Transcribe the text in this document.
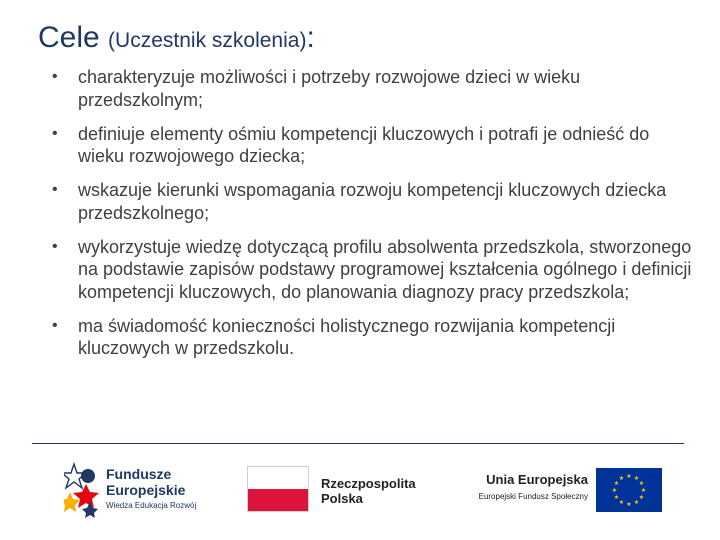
Cele (Uczestnik szkolenia):
• charakteryzuje możliwości i potrzeby rozwojowe dzieci w wieku przedszkolnym;
• definiuje elementy ośmiu kompetencji kluczowych i potrafi je odnieść do wieku rozwojowego dziecka;
• wskazuje kierunki wspomagania rozwoju kompetencji kluczowych dziecka przedszkolnego;
• wykorzystuje wiedzę dotyczącą profilu absolwenta przedszkola, stworzonego na podstawie zapisów podstawy programowej kształcenia ogólnego i definicji kompetencji kluczowych, do planowania diagnozy pracy przedszkola;
• ma świadomość konieczności holistycznego rozwijania kompetencji kluczowych w przedszkolu.
Fundusze
Europejskie
Wiedza Edukacja Rozwój
Rzeczpospolita
Polska
Unia Europejska
Europejski Fundusz Społeczny
★ ★
★
★
★
★
★
★
★
★
★
★
